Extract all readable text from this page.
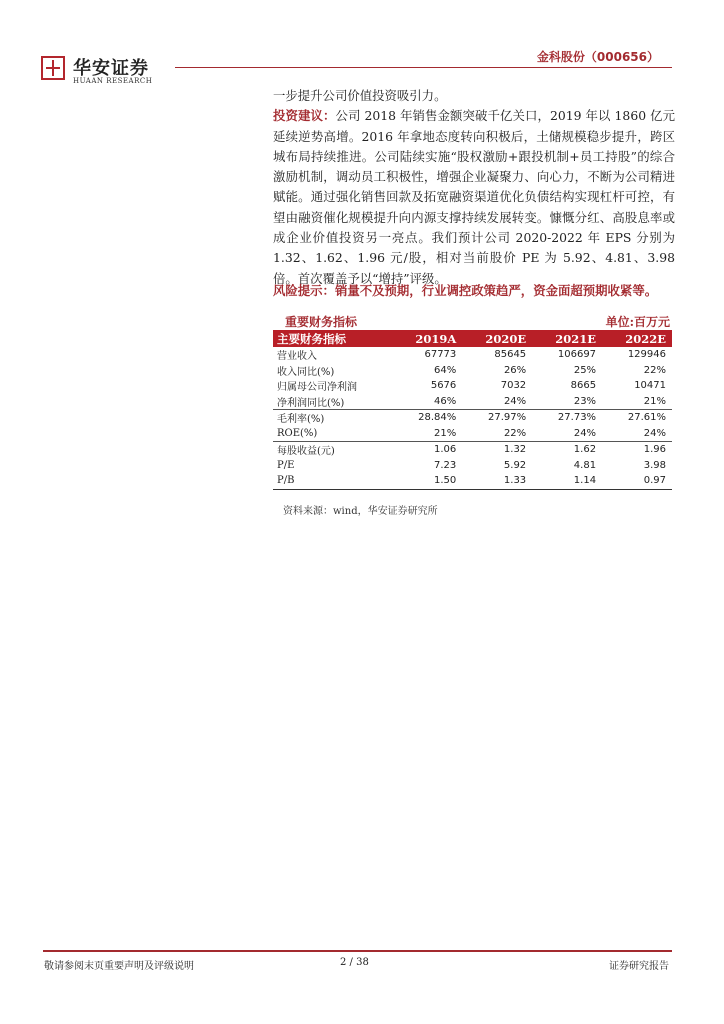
华安证券
HUAAN RESEARCH
金科股份（000656）

一步提升公司价值投资吸引力。

投资建议：公司 2018 年销售金额突破千亿关口，2019 年以 1860 亿元延续逆势高增。2016 年拿地态度转向积极后，土储规模稳步提升，跨区城布局持续推进。公司陆续实施“股权激励+跟投机制+员工持股”的综合激励机制，调动员工积极性，增强企业凝聚力、向心力，不断为公司精进赋能。通过强化销售回款及拓宽融资渠道优化负债结构实现杠杆可控，有望由融资催化规模提升向内源支撑持续发展转变。慷慨分红、高股息率或成企业价值投资另一亮点。我们预计公司 2020-2022 年 EPS 分别为 1.32、1.62、1.96 元/股，相对当前股价 PE 为 5.92、4.81、3.98 倍。首次覆盖予以“增持”评级。

风险提示：销量不及预期，行业调控政策趋严，资金面超预期收紧等。
重要财务指标	单位:百万元
主要财务指标	2019A	2020E	2021E	2022E
营业收入	67773	85645	106697	129946
收入同比(%)	64%	26%	25%	22%
归属母公司净利润	5676	7032	8665	10471
净利润同比(%)	46%	24%	23%	21%
毛利率(%)	28.84%	27.97%	27.73%	27.61%
ROE(%)	21%	22%	24%	24%
每股收益(元)	1.06	1.32	1.62	1.96
P/E	7.23	5.92	4.81	3.98
P/B	1.50	1.33	1.14	0.97
资料来源：wind，华安证券研究所
敬请参阅末页重要声明及评级说明	2 / 38	证券研究报告
